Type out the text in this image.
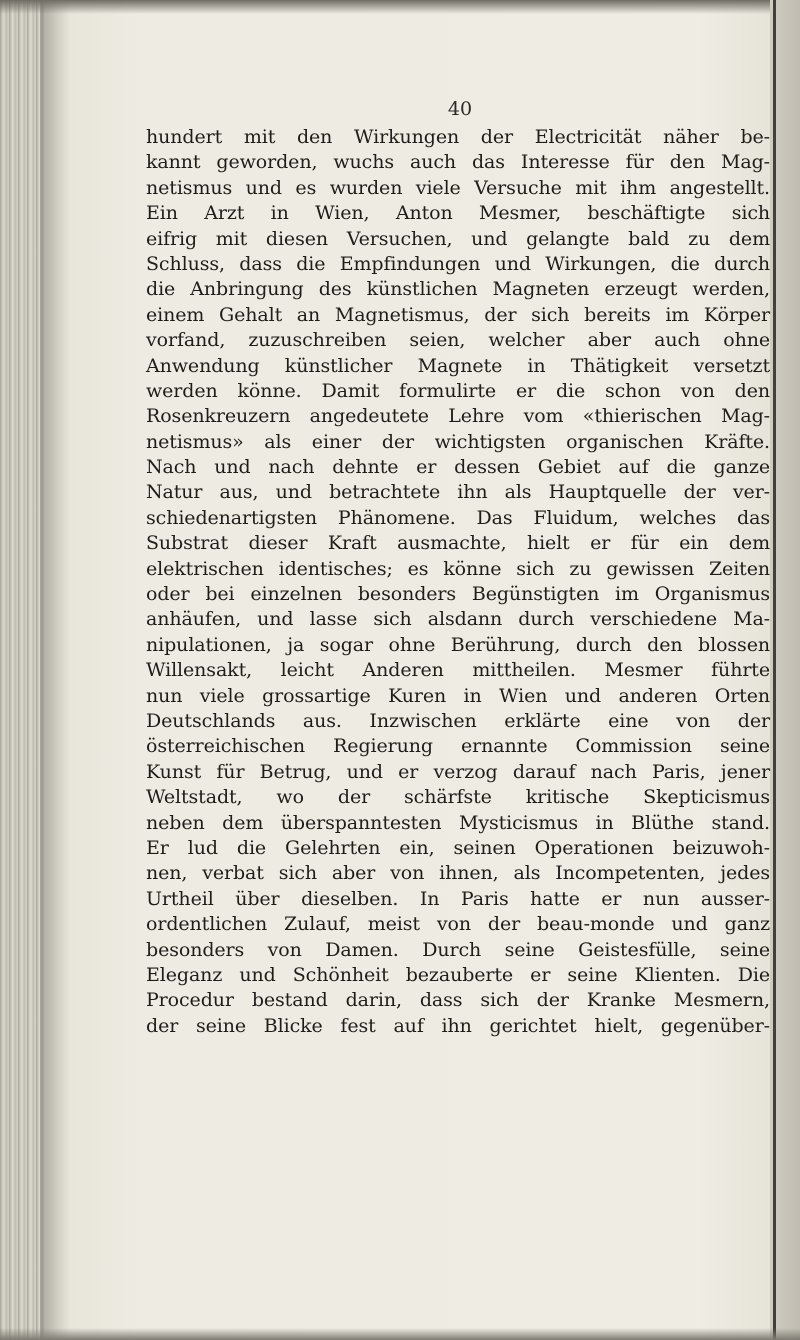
40
hundert mit den Wirkungen der Electricität näher be-
kannt geworden, wuchs auch das Interesse für den Mag-
netismus und es wurden viele Versuche mit ihm angestellt.
Ein Arzt in Wien, Anton Mesmer, beschäftigte sich
eifrig mit diesen Versuchen, und gelangte bald zu dem
Schluss, dass die Empfindungen und Wirkungen, die durch
die Anbringung des künstlichen Magneten erzeugt werden,
einem Gehalt an Magnetismus, der sich bereits im Körper
vorfand, zuzuschreiben seien, welcher aber auch ohne
Anwendung künstlicher Magnete in Thätigkeit versetzt
werden könne. Damit formulirte er die schon von den
Rosenkreuzern angedeutete Lehre vom «thierischen Mag-
netismus» als einer der wichtigsten organischen Kräfte.
Nach und nach dehnte er dessen Gebiet auf die ganze
Natur aus, und betrachtete ihn als Hauptquelle der ver-
schiedenartigsten Phänomene. Das Fluidum, welches das
Substrat dieser Kraft ausmachte, hielt er für ein dem
elektrischen identisches; es könne sich zu gewissen Zeiten
oder bei einzelnen besonders Begünstigten im Organismus
anhäufen, und lasse sich alsdann durch verschiedene Ma-
nipulationen, ja sogar ohne Berührung, durch den blossen
Willensakt, leicht Anderen mittheilen. Mesmer führte
nun viele grossartige Kuren in Wien und anderen Orten
Deutschlands aus. Inzwischen erklärte eine von der
österreichischen Regierung ernannte Commission seine
Kunst für Betrug, und er verzog darauf nach Paris, jener
Weltstadt, wo der schärfste kritische Skepticismus
neben dem überspanntesten Mysticismus in Blüthe stand.
Er lud die Gelehrten ein, seinen Operationen beizuwoh-
nen, verbat sich aber von ihnen, als Incompetenten, jedes
Urtheil über dieselben. In Paris hatte er nun ausser-
ordentlichen Zulauf, meist von der beau-monde und ganz
besonders von Damen. Durch seine Geistesfülle, seine
Eleganz und Schönheit bezauberte er seine Klienten. Die
Procedur bestand darin, dass sich der Kranke Mesmern,
der seine Blicke fest auf ihn gerichtet hielt, gegenüber-
